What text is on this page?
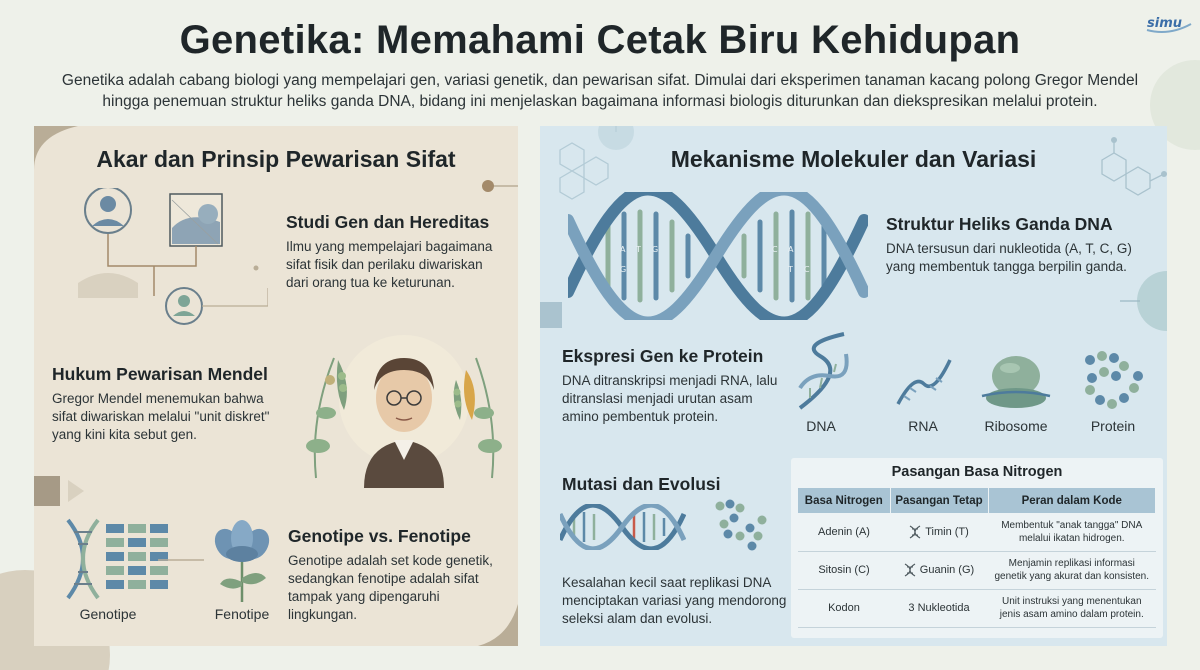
simu
Genetika: Memahami Cetak Biru Kehidupan

Genetika adalah cabang biologi yang mempelajari gen, variasi genetik, dan pewarisan sifat. Dimulai dari eksperimen tanaman kacang polong Gregor Mendel hingga penemuan struktur heliks ganda DNA, bidang ini menjelaskan bagaimana informasi biologis diturunkan dan diekspresikan melalui protein.

Akar dan Prinsip Pewarisan Sifat
Studi Gen dan Hereditas
Ilmu yang mempelajari bagaimana sifat fisik dan perilaku diwariskan dari orang tua ke keturunan.
Hukum Pewarisan Mendel
Gregor Mendel menemukan bahwa sifat diwariskan melalui "unit diskret" yang kini kita sebut gen.
Genotipe	Fenotipe
Genotipe vs. Fenotipe
Genotipe adalah set kode genetik, sedangkan fenotipe adalah sifat tampak yang dipengaruhi lingkungan.
Mekanisme Molekuler dan Variasi
A T G	C A
G	T C
Struktur Heliks Ganda DNA
DNA tersusun dari nukleotida (A, T, C, G) yang membentuk tangga berpilin ganda.
Ekspresi Gen ke Protein
DNA ditranskripsi menjadi RNA, lalu ditranslasi menjadi urutan asam amino pembentuk protein.
DNA	RNA	Ribosome	Protein
Mutasi dan Evolusi
Kesalahan kecil saat replikasi DNA menciptakan variasi yang mendorong seleksi alam dan evolusi.
Pasangan Basa Nitrogen
Basa Nitrogen	Pasangan Tetap	Peran dalam Kode
Adenin (A)	Timin (T)	Membentuk "anak tangga" DNA melalui ikatan hidrogen.
Sitosin (C)	Guanin (G)	Menjamin replikasi informasi genetik yang akurat dan konsisten.
Kodon	3 Nukleotida	Unit instruksi yang menentukan jenis asam amino dalam protein.
